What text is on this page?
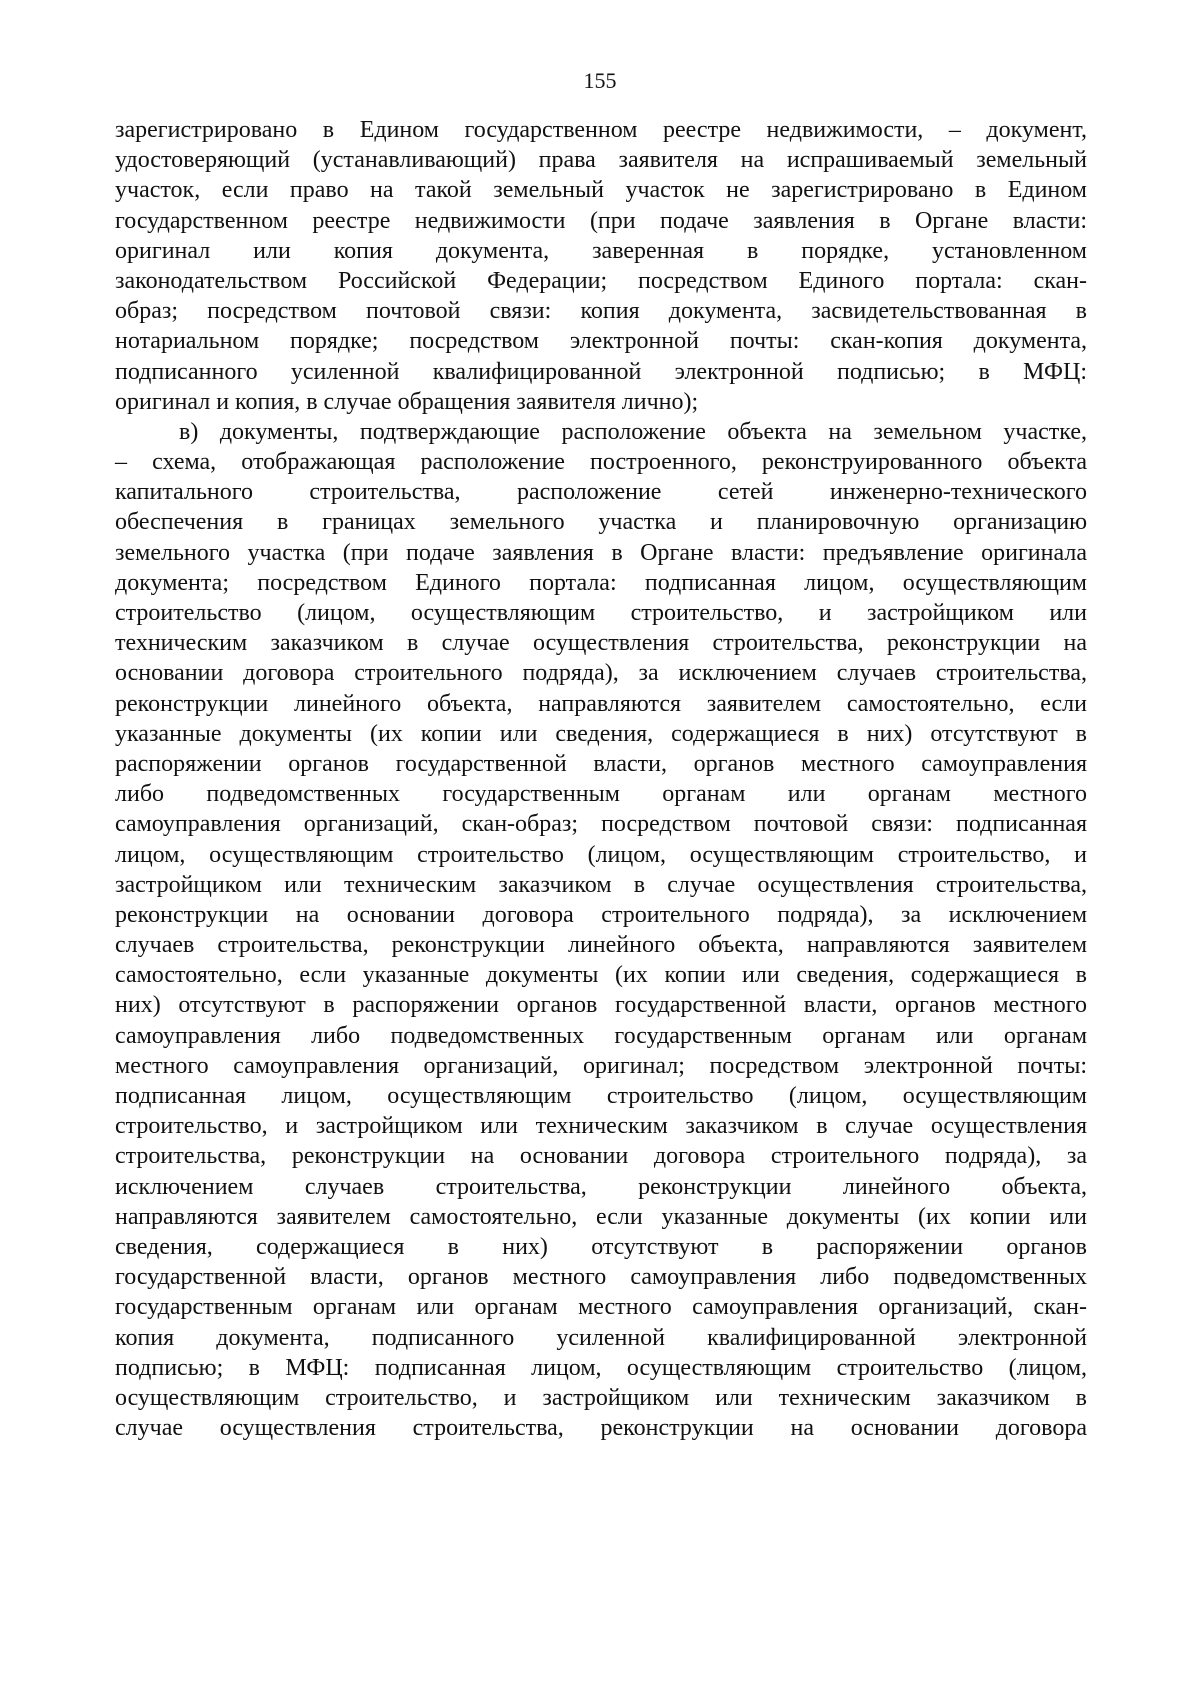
155
зарегистрировано в Едином государственном реестре недвижимости, – документ,
удостоверяющий (устанавливающий) права заявителя на испрашиваемый земельный
участок, если право на такой земельный участок не зарегистрировано в Едином
государственном реестре недвижимости (при подаче заявления в Органе власти:
оригинал или копия документа, заверенная в порядке, установленном
законодательством Российской Федерации; посредством Единого портала: скан-
образ; посредством почтовой связи: копия документа, засвидетельствованная в
нотариальном порядке; посредством электронной почты: скан-копия документа,
подписанного усиленной квалифицированной электронной подписью; в МФЦ:
оригинал и копия, в случае обращения заявителя лично);
в) документы, подтверждающие расположение объекта на земельном участке,
– схема, отображающая расположение построенного, реконструированного объекта
капитального строительства, расположение сетей инженерно-технического
обеспечения в границах земельного участка и планировочную организацию
земельного участка (при подаче заявления в Органе власти: предъявление оригинала
документа; посредством Единого портала: подписанная лицом, осуществляющим
строительство (лицом, осуществляющим строительство, и застройщиком или
техническим заказчиком в случае осуществления строительства, реконструкции на
основании договора строительного подряда), за исключением случаев строительства,
реконструкции линейного объекта, направляются заявителем самостоятельно, если
указанные документы (их копии или сведения, содержащиеся в них) отсутствуют в
распоряжении органов государственной власти, органов местного самоуправления
либо подведомственных государственным органам или органам местного
самоуправления организаций, скан-образ; посредством почтовой связи: подписанная
лицом, осуществляющим строительство (лицом, осуществляющим строительство, и
застройщиком или техническим заказчиком в случае осуществления строительства,
реконструкции на основании договора строительного подряда), за исключением
случаев строительства, реконструкции линейного объекта, направляются заявителем
самостоятельно, если указанные документы (их копии или сведения, содержащиеся в
них) отсутствуют в распоряжении органов государственной власти, органов местного
самоуправления либо подведомственных государственным органам или органам
местного самоуправления организаций, оригинал; посредством электронной почты:
подписанная лицом, осуществляющим строительство (лицом, осуществляющим
строительство, и застройщиком или техническим заказчиком в случае осуществления
строительства, реконструкции на основании договора строительного подряда), за
исключением случаев строительства, реконструкции линейного объекта,
направляются заявителем самостоятельно, если указанные документы (их копии или
сведения, содержащиеся в них) отсутствуют в распоряжении органов
государственной власти, органов местного самоуправления либо подведомственных
государственным органам или органам местного самоуправления организаций, скан-
копия документа, подписанного усиленной квалифицированной электронной
подписью; в МФЦ: подписанная лицом, осуществляющим строительство (лицом,
осуществляющим строительство, и застройщиком или техническим заказчиком в
случае осуществления строительства, реконструкции на основании договора
